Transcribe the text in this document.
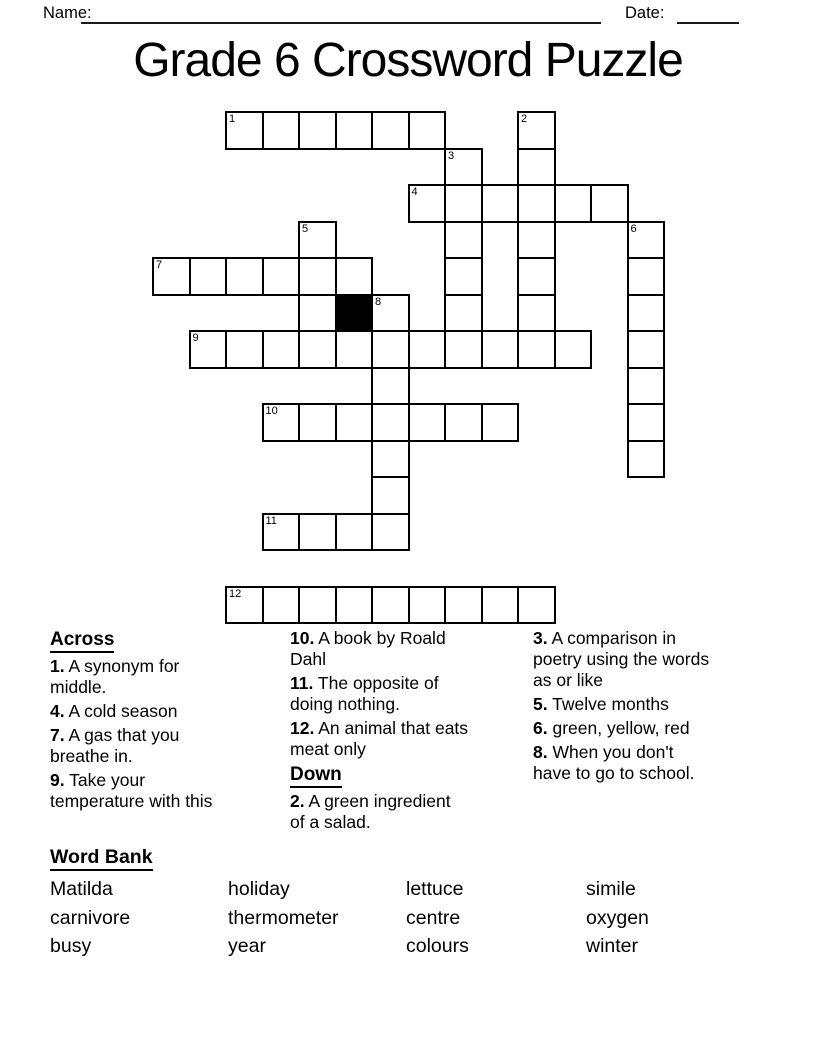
Name:	Date:
Grade 6 Crossword Puzzle
1	2
3
4
5	6
7
8
9
10
11
12
Across
1. A synonym for
middle.
4. A cold season
7. A gas that you
breathe in.
9. Take your
temperature with this
10. A book by Roald
Dahl
11. The opposite of
doing nothing.
12. An animal that eats
meat only
Down
2. A green ingredient
of a salad.
3. A comparison in
poetry using the words
as or like
5. Twelve months
6. green, yellow, red
8. When you don't
have to go to school.
Word Bank
Matilda	holiday	lettuce	simile
carnivore	thermometer	centre	oxygen
busy	year	colours	winter
